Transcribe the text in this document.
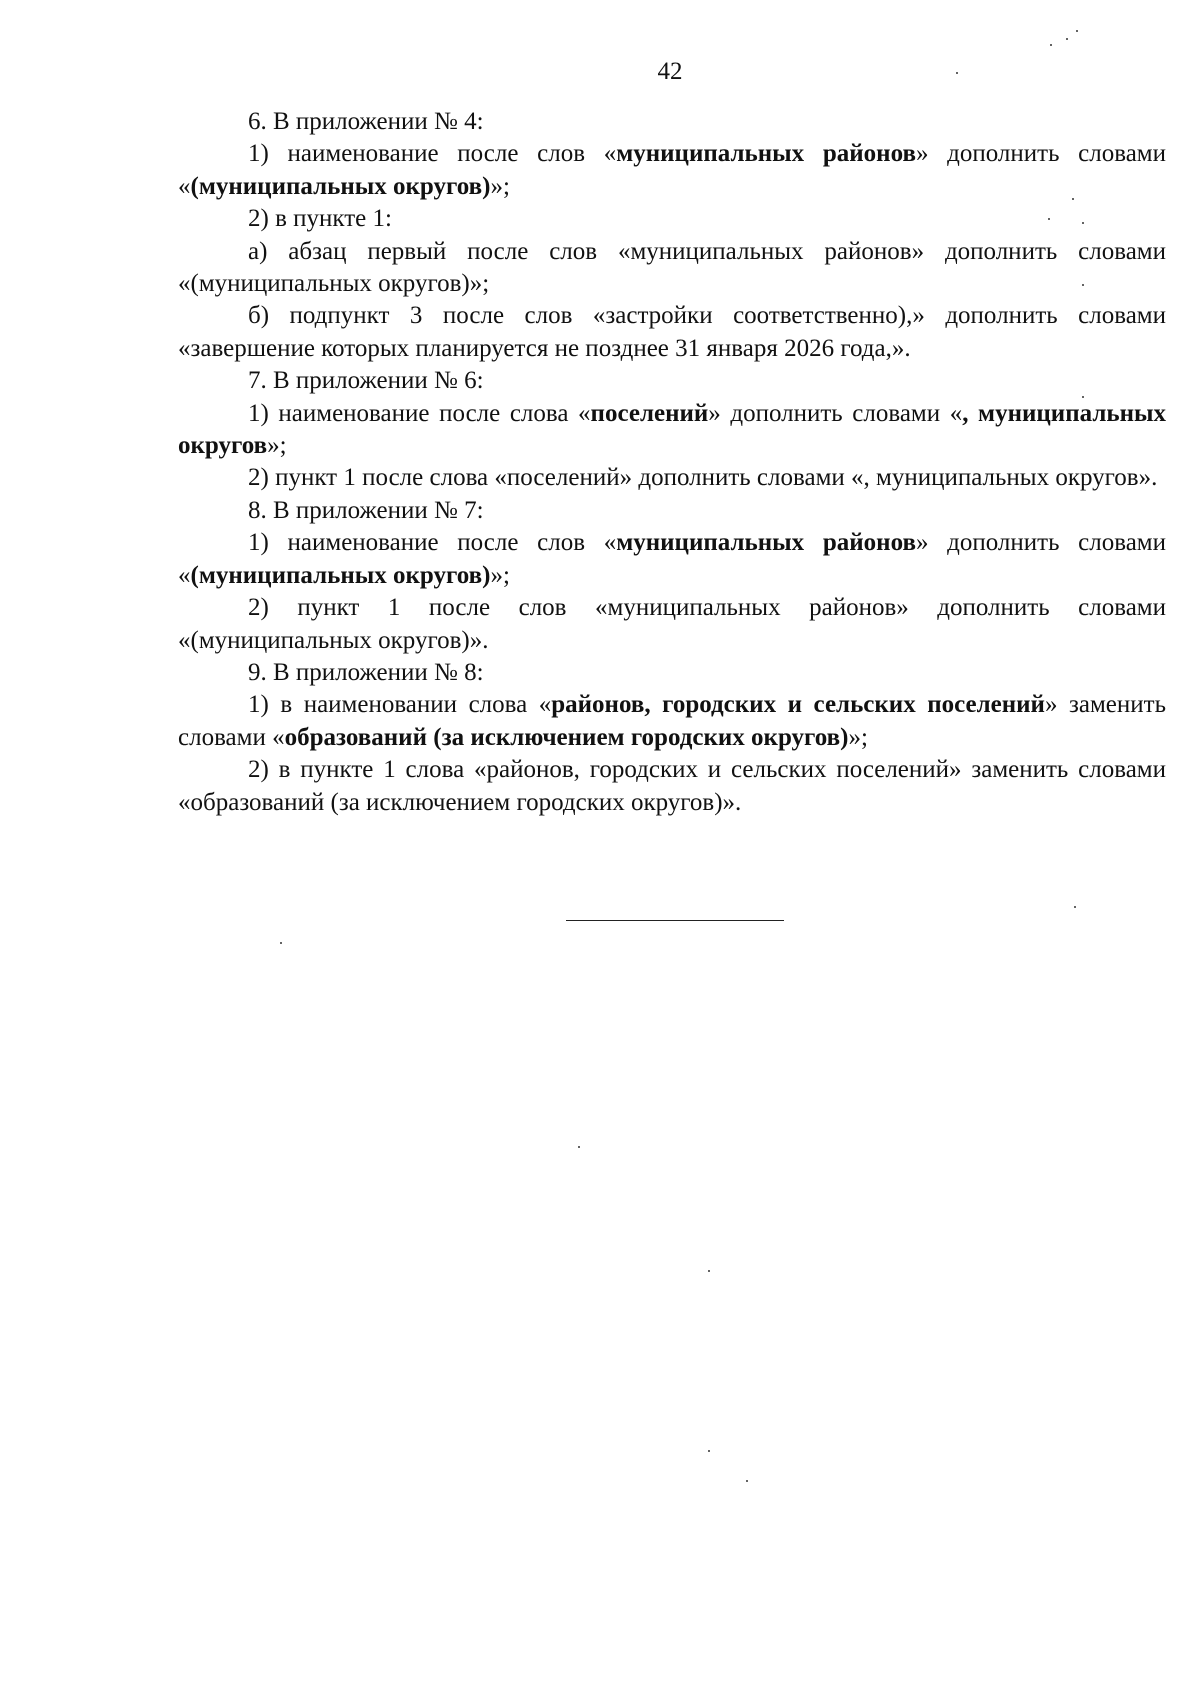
42

6. В приложении № 4:

1) наименование после слов «муниципальных районов» дополнить словами «(муниципальных округов)»;

2) в пункте 1:

а) абзац первый после слов «муниципальных районов» дополнить словами «(муниципальных округов)»;

б) подпункт 3 после слов «застройки соответственно),» дополнить словами «завершение которых планируется не позднее 31 января 2026 года,».

7. В приложении № 6:

1) наименование после слова «поселений» дополнить словами «, муниципальных округов»;

2) пункт 1 после слова «поселений» дополнить словами «, муниципальных округов».

8. В приложении № 7:

1) наименование после слов «муниципальных районов» дополнить словами «(муниципальных округов)»;

2) пункт 1 после слов «муниципальных районов» дополнить словами «(муниципальных округов)».

9. В приложении № 8:

1) в наименовании слова «районов, городских и сельских поселений» заменить словами «образований (за исключением городских округов)»;

2) в пункте 1 слова «районов, городских и сельских поселений» заменить словами «образований (за исключением городских округов)».
